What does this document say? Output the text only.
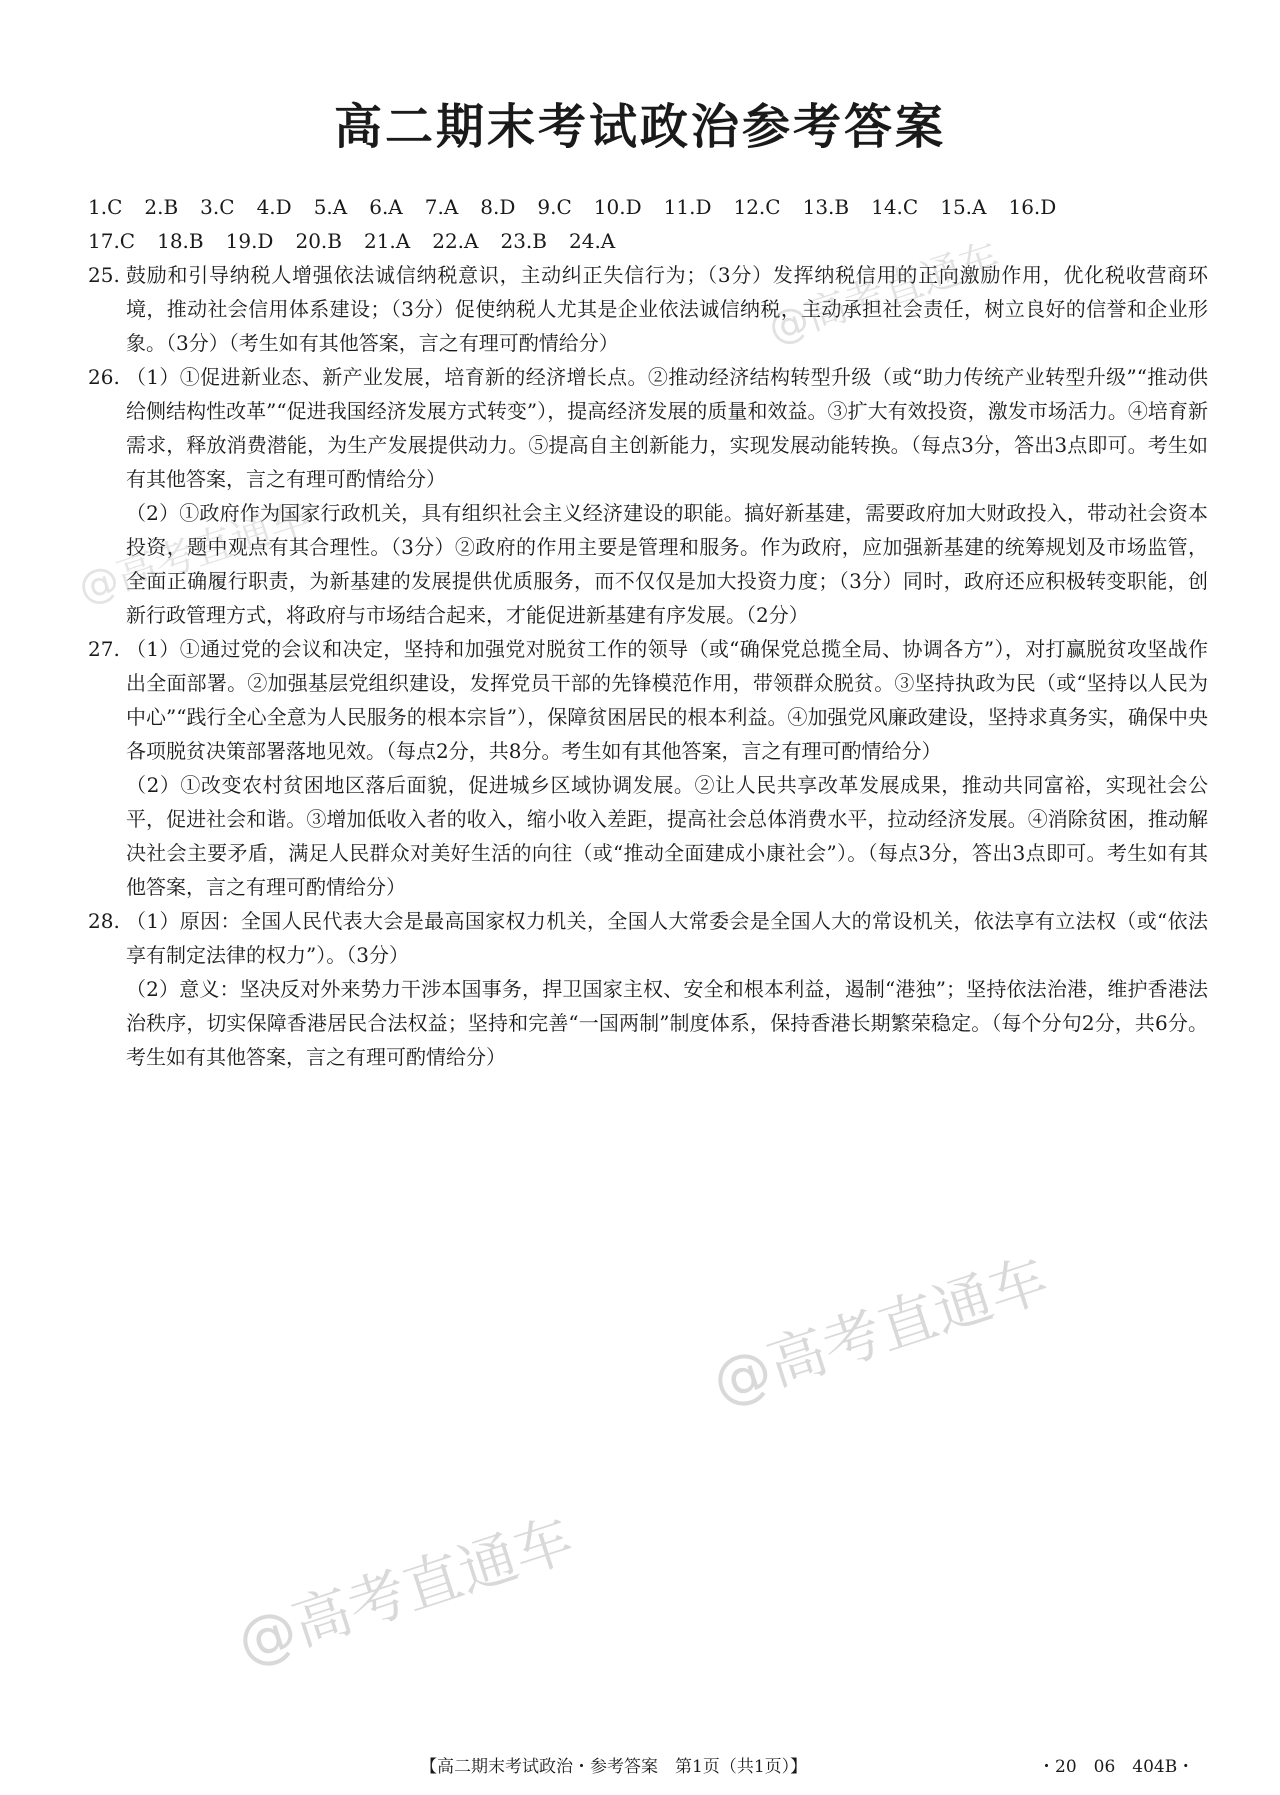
高二期末考试政治参考答案
1.C 2.B 3.C 4.D 5.A 6.A 7.A 8.D 9.C 10.D 11.D 12.C 13.B 14.C 15.A 16.D
17.C 18.B 19.D 20.B 21.A 22.A 23.B 24.A
25. 鼓励和引导纳税人增强依法诚信纳税意识，主动纠正失信行为；（3分）发挥纳税信用的正向激励作用，优化税收营商环境，推动社会信用体系建设；（3分）促使纳税人尤其是企业依法诚信纳税，主动承担社会责任，树立良好的信誉和企业形象。（3分）（考生如有其他答案，言之有理可酌情给分）

26. （1）①促进新业态、新产业发展，培育新的经济增长点。②推动经济结构转型升级（或“助力传统产业转型升级”“推动供给侧结构性改革”“促进我国经济发展方式转变”），提高经济发展的质量和效益。③扩大有效投资，激发市场活力。④培育新需求，释放消费潜能，为生产发展提供动力。⑤提高自主创新能力，实现发展动能转换。（每点3分，答出3点即可。考生如有其他答案，言之有理可酌情给分）

（2）①政府作为国家行政机关，具有组织社会主义经济建设的职能。搞好新基建，需要政府加大财政投入，带动社会资本投资，题中观点有其合理性。（3分）②政府的作用主要是管理和服务。作为政府，应加强新基建的统筹规划及市场监管，全面正确履行职责，为新基建的发展提供优质服务，而不仅仅是加大投资力度；（3分）同时，政府还应积极转变职能，创新行政管理方式，将政府与市场结合起来，才能促进新基建有序发展。（2分）

27. （1）①通过党的会议和决定，坚持和加强党对脱贫工作的领导（或“确保党总揽全局、协调各方”），对打赢脱贫攻坚战作出全面部署。②加强基层党组织建设，发挥党员干部的先锋模范作用，带领群众脱贫。③坚持执政为民（或“坚持以人民为中心”“践行全心全意为人民服务的根本宗旨”），保障贫困居民的根本利益。④加强党风廉政建设，坚持求真务实，确保中央各项脱贫决策部署落地见效。（每点2分，共8分。考生如有其他答案，言之有理可酌情给分）

（2）①改变农村贫困地区落后面貌，促进城乡区域协调发展。②让人民共享改革发展成果，推动共同富裕，实现社会公平，促进社会和谐。③增加低收入者的收入，缩小收入差距，提高社会总体消费水平，拉动经济发展。④消除贫困，推动解决社会主要矛盾，满足人民群众对美好生活的向往（或“推动全面建成小康社会”）。（每点3分，答出3点即可。考生如有其他答案，言之有理可酌情给分）

28. （1）原因：全国人民代表大会是最高国家权力机关，全国人大常委会是全国人大的常设机关，依法享有立法权（或“依法享有制定法律的权力”）。（3分）

（2）意义：坚决反对外来势力干涉本国事务，捍卫国家主权、安全和根本利益，遏制“港独”；坚持依法治港，维护香港法治秩序，切实保障香港居民合法权益；坚持和完善“一国两制”制度体系，保持香港长期繁荣稳定。（每个分句2分，共6分。考生如有其他答案，言之有理可酌情给分）

@高考直通车
@高考直通车
@高考直通车
@高考直通车
【高二期末考试政治・参考答案　第1页（共1页）】	・20　06　404B・
